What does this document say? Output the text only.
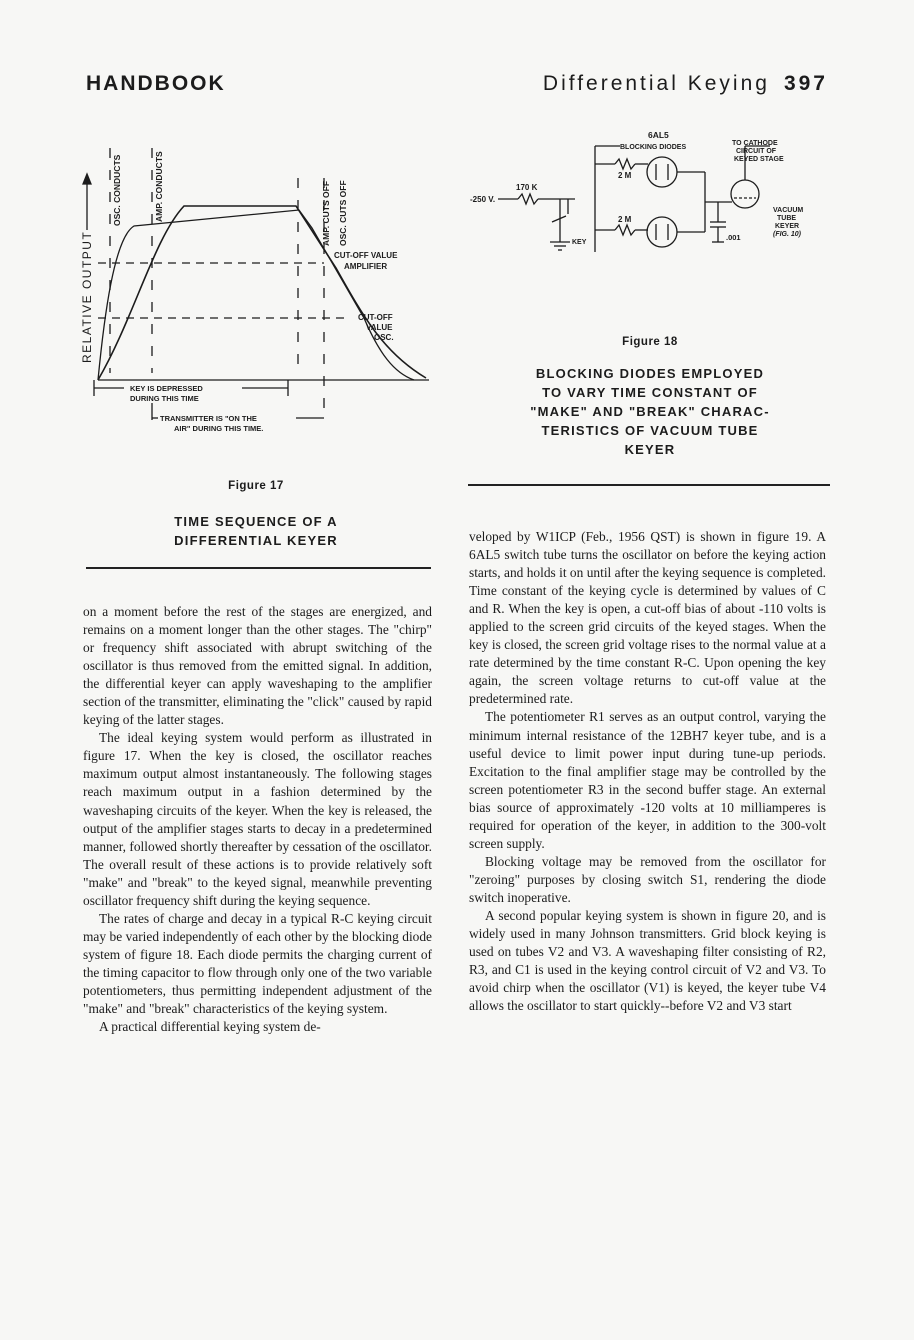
HANDBOOK	Differential Keying 397
RELATIVE OUTPUT
OSC. CONDUCTS	AMP. CONDUCTS	AMP. CUTS OFF OSC. CUTS OFF
CUT-OFF VALUE
AMPLIFIER
CUT-OFF
VALUE
OSC.
KEY IS DEPRESSED
DURING THIS TIME
TRANSMITTER IS "ON THE
AIR" DURING THIS TIME.
Figure 17
TIME SEQUENCE OF A
DIFFERENTIAL KEYER
6AL5
BLOCKING DIODES
TO CATHODE
CIRCUIT OF
KEYED STAGE
2 M
2 M
170 K
-250 V.
KEY
.001
VACUUM
TUBE
KEYER
(FIG. 10)
Figure 18
BLOCKING DIODES EMPLOYED
TO VARY TIME CONSTANT OF
"MAKE" AND "BREAK" CHARAC-
TERISTICS OF VACUUM TUBE
KEYER

on a moment before the rest of the stages are energized, and remains on a moment longer than the other stages. The "chirp" or frequency shift associated with abrupt switching of the oscillator is thus removed from the emitted signal. In addition, the differential keyer can apply waveshaping to the amplifier section of the transmitter, eliminating the "click" caused by rapid keying of the latter stages.

The ideal keying system would perform as illustrated in figure 17. When the key is closed, the oscillator reaches maximum output almost instantaneously. The following stages reach maximum output in a fashion determined by the waveshaping circuits of the keyer. When the key is released, the output of the amplifier stages starts to decay in a predetermined manner, followed shortly thereafter by cessation of the oscillator. The overall result of these actions is to provide relatively soft "make" and "break" to the keyed signal, meanwhile preventing oscillator frequency shift during the keying sequence.

The rates of charge and decay in a typical R-C keying circuit may be varied independently of each other by the blocking diode system of figure 18. Each diode permits the charging current of the timing capacitor to flow through only one of the two variable potentiometers, thus permitting independent adjustment of the "make" and "break" characteristics of the keying system.

A practical differential keying system de-

veloped by W1ICP (Feb., 1956 QST) is shown in figure 19. A 6AL5 switch tube turns the oscillator on before the keying action starts, and holds it on until after the keying sequence is completed. Time constant of the keying cycle is determined by values of C and R. When the key is open, a cut-off bias of about -110 volts is applied to the screen grid circuits of the keyed stages. When the key is closed, the screen grid voltage rises to the normal value at a rate determined by the time constant R-C. Upon opening the key again, the screen voltage returns to cut-off value at the predetermined rate.

The potentiometer R1 serves as an output control, varying the minimum internal resistance of the 12BH7 keyer tube, and is a useful device to limit power input during tune-up periods. Excitation to the final amplifier stage may be controlled by the screen potentiometer R3 in the second buffer stage. An external bias source of approximately -120 volts at 10 milliamperes is required for operation of the keyer, in addition to the 300-volt screen supply.

Blocking voltage may be removed from the oscillator for "zeroing" purposes by closing switch S1, rendering the diode switch inoperative.

A second popular keying system is shown in figure 20, and is widely used in many Johnson transmitters. Grid block keying is used on tubes V2 and V3. A waveshaping filter consisting of R2, R3, and C1 is used in the keying control circuit of V2 and V3. To avoid chirp when the oscillator (V1) is keyed, the keyer tube V4 allows the oscillator to start quickly--before V2 and V3 start
